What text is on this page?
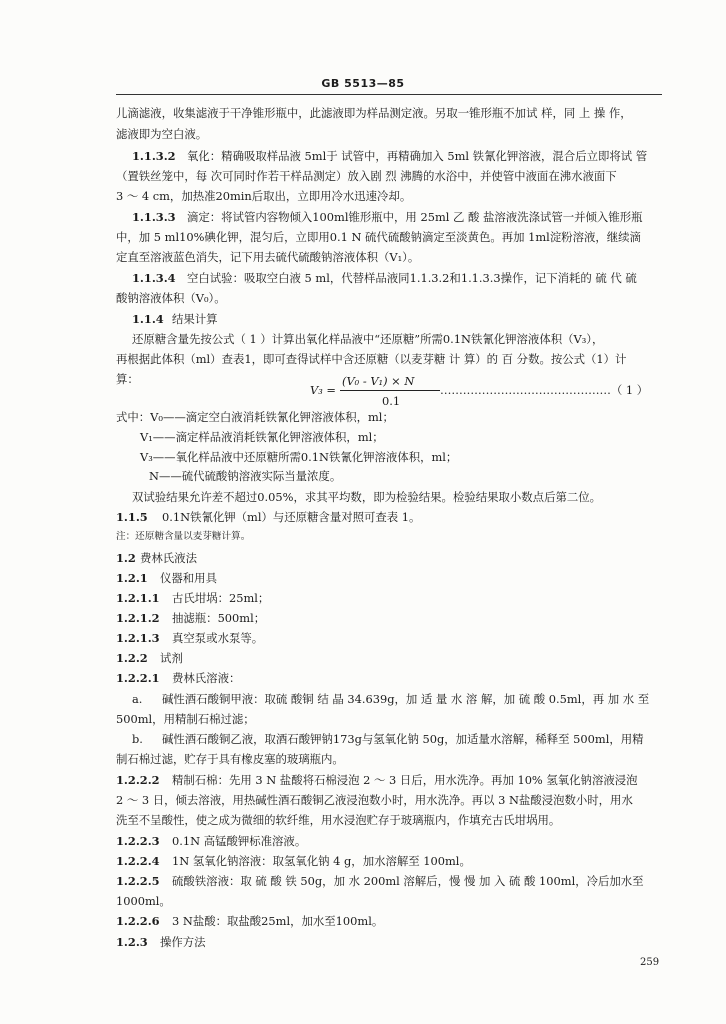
GB 5513—85
儿滴滤液，收集滤液于干净锥形瓶中，此滤液即为样品测定液。另取一锥形瓶不加试 样，同 上 操 作，
滤液即为空白液。
1.1.3.2 氧化：精确吸取样品液 5ml于 试管中，再精确加入 5ml 铁氰化钾溶液，混合后立即将试 管
（置铁丝笼中，每 次可同时作若干样品测定）放入剧 烈 沸腾的水浴中，并使管中液面在沸水液面下
3 ～ 4 cm，加热准20min后取出，立即用冷水迅速冷却。
1.1.3.3 滴定：将试管内容物倾入100ml锥形瓶中，用 25ml 乙 酸 盐溶液洗涤试管一并倾入锥形瓶
中，加 5 ml10%碘化钾，混匀后，立即用0.1 N 硫代硫酸钠滴定至淡黄色。再加 1ml淀粉溶液，继续滴
定直至溶液蓝色消失，记下用去硫代硫酸钠溶液体积（V₁）。
1.1.3.4 空白试验：吸取空白液 5 ml，代替样品液同1.1.3.2和1.1.3.3操作，记下消耗的 硫 代 硫
酸钠溶液体积（V₀）。
1.1.4 结果计算
还原糖含量先按公式（ 1 ）计算出氧化样品液中“还原糖”所需0.1N铁氰化钾溶液体积（V₃），
再根据此体积（ml）查表1，即可查得试样中含还原糖（以麦芽糖 计 算）的 百 分数。按公式（1）计
算：
V₃ =
(V₀ - V₁) × N
0.1
………………………………………（ 1 ）
式中：V₀——滴定空白液消耗铁氰化钾溶液体积，ml；
V₁——滴定样品液消耗铁氰化钾溶液体积，ml；
V₃——氧化样品液中还原糖所需0.1N铁氰化钾溶液体积，ml；
N——硫代硫酸钠溶液实际当量浓度。
双试验结果允许差不超过0.05%，求其平均数，即为检验结果。检验结果取小数点后第二位。
1.1.5 0.1N铁氰化钾（ml）与还原糖含量对照可查表 1。
注：还原糖含量以麦芽糖计算。
1.2 费林氏液法
1.2.1 仪器和用具
1.2.1.1 古氏坩埚：25ml；
1.2.1.2 抽滤瓶：500ml；
1.2.1.3 真空泵或水泵等。
1.2.2 试剂
1.2.2.1 费林氏溶液：
a. 碱性酒石酸铜甲液：取硫 酸铜 结 晶 34.639g，加 适 量 水 溶 解，加 硫 酸 0.5ml，再 加 水 至
500ml，用精制石棉过滤；
b. 碱性酒石酸铜乙液，取酒石酸钾钠173g与氢氧化钠 50g，加适量水溶解，稀释至 500ml，用精
制石棉过滤，贮存于具有橡皮塞的玻璃瓶内。
1.2.2.2 精制石棉：先用 3 N 盐酸将石棉浸泡 2 ～ 3 日后，用水洗净。再加 10% 氢氧化钠溶液浸泡
2 ～ 3 日，倾去溶液，用热碱性酒石酸铜乙液浸泡数小时，用水洗净。再以 3 N盐酸浸泡数小时，用水
洗至不呈酸性，使之成为微细的软纤维，用水浸泡贮存于玻璃瓶内，作填充古氏坩埚用。
1.2.2.3 0.1N 高锰酸钾标准溶液。
1.2.2.4 1N 氢氧化钠溶液：取氢氧化钠 4 g，加水溶解至 100ml。
1.2.2.5 硫酸铁溶液：取 硫 酸 铁 50g，加 水 200ml 溶解后，慢 慢 加 入 硫 酸 100ml，冷后加水至
1000ml。
1.2.2.6 3 N盐酸：取盐酸25ml，加水至100ml。
1.2.3 操作方法
259
